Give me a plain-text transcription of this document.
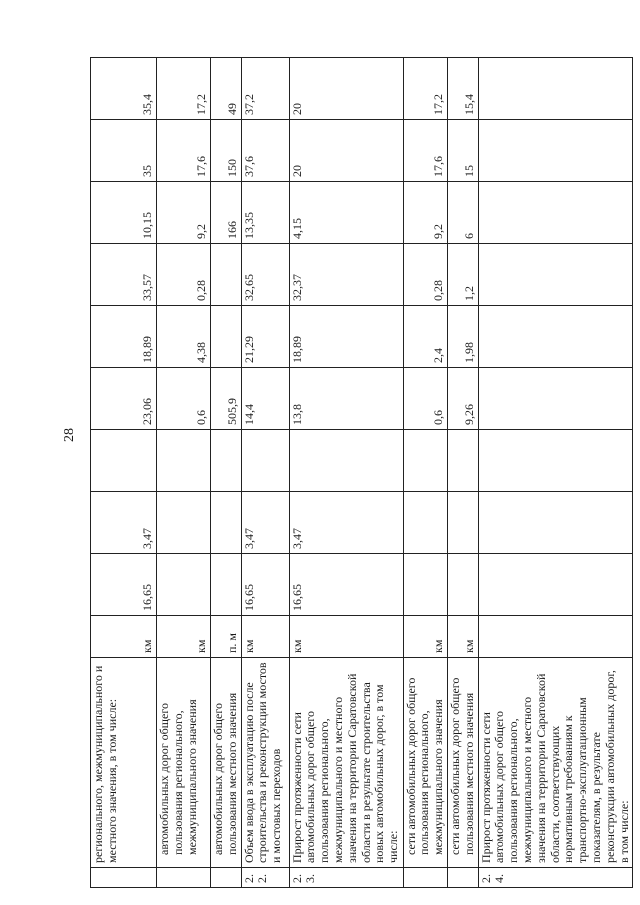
28
	регионального, межмуниципального и местного значения, в том числе:	км	16,65	3,47		23,06	18,89	33,57	10,15	35	35,4
	автомобильных дорог общего пользования регионального, межмуниципального значения	км				0,6	4,38	0,28	9,2	17,6	17,2
	автомобильных дорог общего пользования местного значения	п. м				505,9			166	150	49
2.2.	Объем ввода в эксплуатацию после строительства и реконструкции мостов и мостовых переходов	км	16,65	3,47		14,4	21,29	32,65	13,35	37,6	37,2
2.3.	Прирост протяженности сети автомобильных дорог общего пользования регионального, межмуниципального и местного значения на территории Саратовской области в результате строительства новых автомобильных дорог, в том числе:	км	16,65	3,47		13,8	18,89	32,37	4,15	20	20
	сети автомобильных дорог общего пользования регионального, межмуниципального значения	км				0,6	2,4	0,28	9,2	17,6	17,2
	сети автомобильных дорог общего пользования местного значения	км				9,26	1,98	1,2	6	15	15,4
2.4.	Прирост протяженности сети автомобильных дорог общего пользования регионального, межмуниципального и местного значения на территории Саратовской области, соответствующих нормативным требованиям к транспортно-эксплуатационным показателям, в результате реконструкции автомобильных дорог, в том числе:										
